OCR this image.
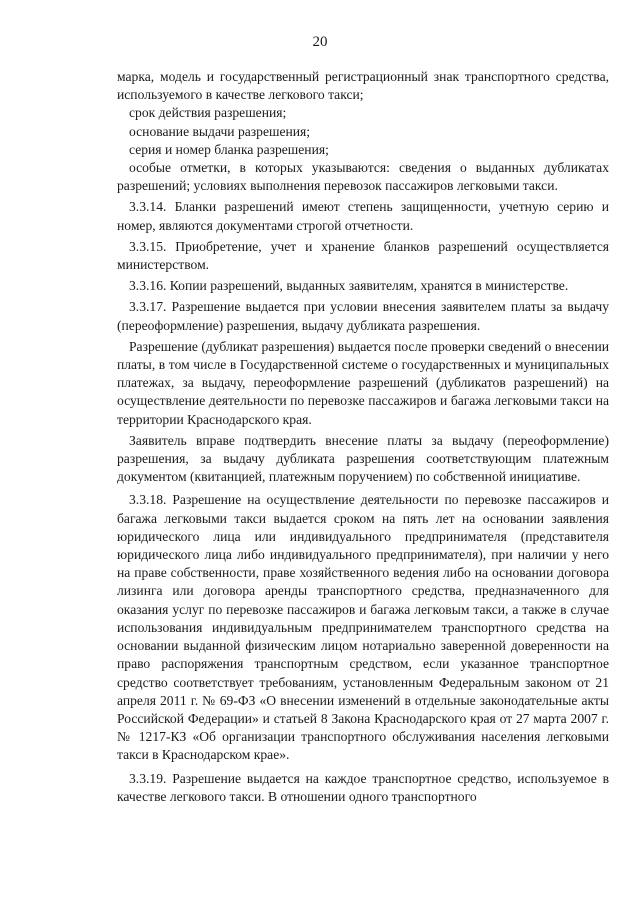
20

марка, модель и государственный регистрационный знак транспортного средства, используемого в качестве легкового такси;

срок действия разрешения;

основание выдачи разрешения;

серия и номер бланка разрешения;

особые отметки, в которых указываются: сведения о выданных дубликатах разрешений; условиях выполнения перевозок пассажиров легковыми такси.

3.3.14. Бланки разрешений имеют степень защищенности, учетную серию и номер, являются документами строгой отчетности.

3.3.15. Приобретение, учет и хранение бланков разрешений осуществляется министерством.

3.3.16. Копии разрешений, выданных заявителям, хранятся в министерстве.

3.3.17. Разрешение выдается при условии внесения заявителем платы за выдачу (переоформление) разрешения, выдачу дубликата разрешения.

Разрешение (дубликат разрешения) выдается после проверки сведений о внесении платы, в том числе в Государственной системе о государственных и муниципальных платежах, за выдачу, переоформление разрешений (дубликатов разрешений) на осуществление деятельности по перевозке пассажиров и багажа легковыми такси на территории Краснодарского края.

Заявитель вправе подтвердить внесение платы за выдачу (переоформление) разрешения, за выдачу дубликата разрешения соответствующим платежным документом (квитанцией, платежным поручением) по собственной инициативе.

3.3.18. Разрешение на осуществление деятельности по перевозке пассажиров и багажа легковыми такси выдается сроком на пять лет на основании заявления юридического лица или индивидуального предпринимателя (представителя юридического лица либо индивидуального предпринимателя), при наличии у него на праве собственности, праве хозяйственного ведения либо на основании договора лизинга или договора аренды транспортного средства, предназначенного для оказания услуг по перевозке пассажиров и багажа легковым такси, а также в случае использования индивидуальным предпринимателем транспортного средства на основании выданной физическим лицом нотариально заверенной доверенности на право распоряжения транспортным средством, если указанное транспортное средство соответствует требованиям, установленным Федеральным законом от 21 апреля 2011 г. № 69-ФЗ «О внесении изменений в отдельные законодательные акты Российской Федерации» и статьей 8 Закона Краснодарского края от 27 марта 2007 г. № 1217-КЗ «Об организации транспортного обслуживания населения легковыми такси в Краснодарском крае».

3.3.19. Разрешение выдается на каждое транспортное средство, используемое в качестве легкового такси. В отношении одного транспортного
